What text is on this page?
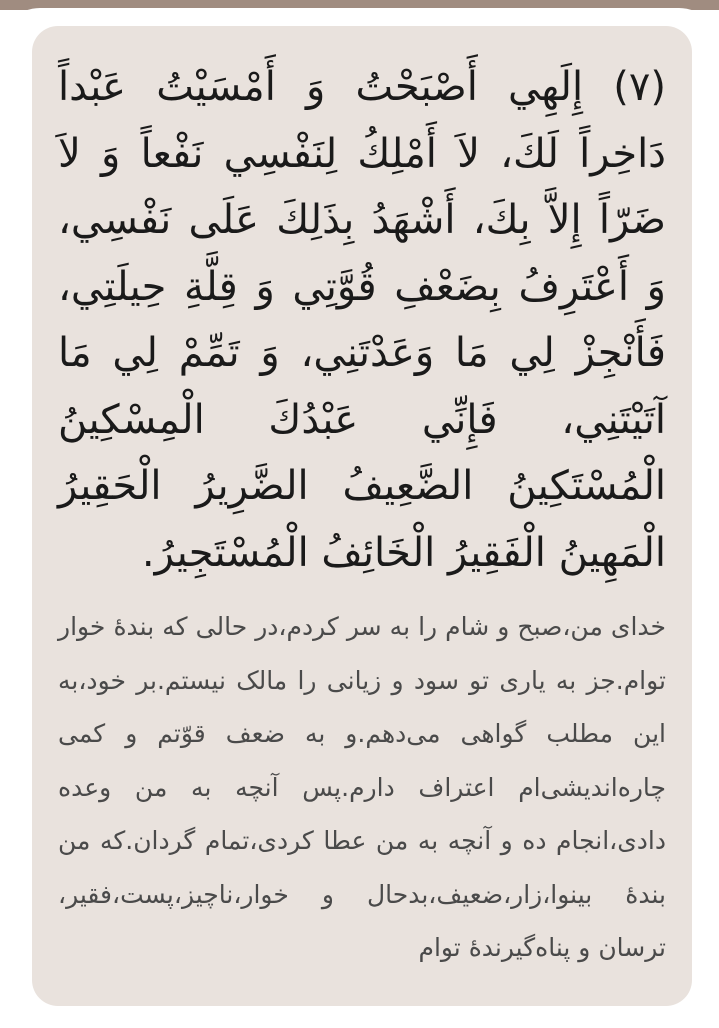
(٧) إِلَهِي أَصْبَحْتُ وَ أَمْسَيْتُ عَبْداً دَاخِراً لَكَ، لاَ أَمْلِكُ لِنَفْسِي نَفْعاً وَ لاَ ضَرّاً إِلاَّ بِكَ، أَشْهَدُ بِذَلِكَ عَلَى نَفْسِي، وَ أَعْتَرِفُ بِضَعْفِ قُوَّتِي وَ قِلَّةِ حِيلَتِي، فَأَنْجِزْ لِي مَا وَعَدْتَنِي، وَ تَمِّمْ لِي مَا آتَيْتَنِي، فَإِنِّي عَبْدُكَ الْمِسْكِينُ الْمُسْتَكِينُ الضَّعِيفُ الضَّرِيرُ الْحَقِيرُ الْمَهِينُ الْفَقِيرُ الْخَائِفُ الْمُسْتَجِيرُ.

خدای من،صبح و شام را به سر کردم،در حالی که بندهٔ خوار توام.جز به یاری تو سود و زیانی را مالک نیستم.بر خود،به این مطلب گواهی می‌دهم.و به ضعف قوّتم و کمی چاره‌اندیشی‌ام اعتراف دارم.پس آنچه به من وعده دادی،انجام ده و آنچه به من عطا کردی،تمام گردان.که من بندهٔ بینوا،زار،ضعیف،بدحال و خوار،ناچیز،پست،فقیر، ترسان و پناه‌گیرندهٔ توام
